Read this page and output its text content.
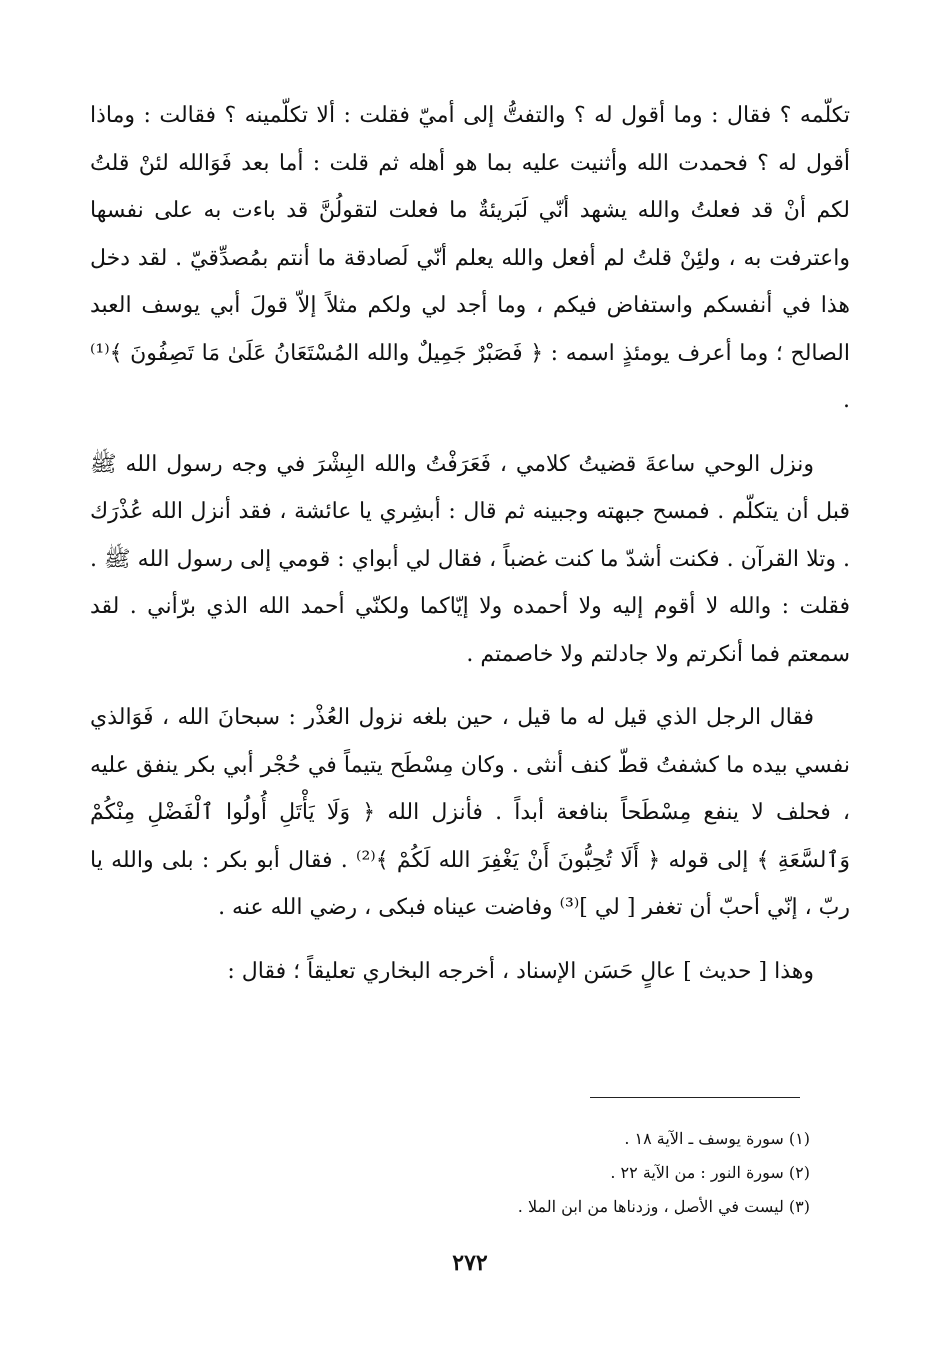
تكلّمه ؟ فقال : وما أقول له ؟ والتفتُّ إلى أميّ فقلت : ألا تكلّمينه ؟ فقالت : وماذا أقول له ؟ فحمدت الله وأثنيت عليه بما هو أهله ثم قلت : أما بعد فَوَالله لئنْ قلتُ لكم أنْ قد فعلتُ والله يشهد أنّي لَبَريئةٌ ما فعلت لتقولُنَّ قد باءت به على نفسها واعترفت به ، ولئِنْ قلتُ لم أفعل والله يعلم أنّي لَصادقة ما أنتم بمُصدِّقيّ . لقد دخل هذا في أنفسكم واستفاض فيكم ، وما أجد لي ولكم مثلاً إلاّ قولَ أبي يوسف العبد الصالح ؛ وما أعرف يومئذٍ اسمه : ﴿ فَصَبْرٌ جَمِيلٌ والله المُسْتَعَانُ عَلَىٰ مَا تَصِفُونَ ﴾⁽¹⁾ .

ونزل الوحي ساعةَ قضيتُ كلامي ، فَعَرَفْتُ والله البِشْرَ في وجه رسول الله ﷺ قبل أن يتكلّم . فمسح جبهته وجبينه ثم قال : أبشِري يا عائشة ، فقد أنزل الله عُذْرَك . وتلا القرآن . فكنت أشدّ ما كنت غضباً ، فقال لي أبواي : قومي إلى رسول الله ﷺ . فقلت : والله لا أقوم إليه ولا أحمده ولا إيّاكما ولكنّي أحمد الله الذي برّأني . لقد سمعتم فما أنكرتم ولا جادلتم ولا خاصمتم .

فقال الرجل الذي قيل له ما قيل ، حين بلغه نزول العُذْر : سبحانَ الله ، فَوَالذي نفسي بيده ما كشفتُ قطّ كنف أنثى . وكان مِسْطَح يتيماً في حُجْر أبي بكر ينفق عليه ، فحلف لا ينفع مِسْطَحاً بنافعة أبداً . فأنزل الله ﴿ وَلَا يَأْتَلِ أُولُوا ٱلْفَضْلِ مِنْكُمْ وَٱلسَّعَةِ ﴾ إلى قوله ﴿ أَلَا تُحِبُّونَ أَنْ يَغْفِرَ الله لَكُمْ ﴾⁽²⁾ . فقال أبو بكر : بلى والله يا ربّ ، إنّي أحبّ أن تغفر [ لي ]⁽³⁾ وفاضت عيناه فبكى ، رضي الله عنه .

وهذا [ حديث ] عالٍ حَسَن الإسناد ، أخرجه البخاري تعليقاً ؛ فقال :

(١) سورة يوسف ـ الآية ١٨ .
(٢) سورة النور : من الآية ٢٢ .
(٣) ليست في الأصل ، وزدناها من ابن الملا .
٢٧٢
